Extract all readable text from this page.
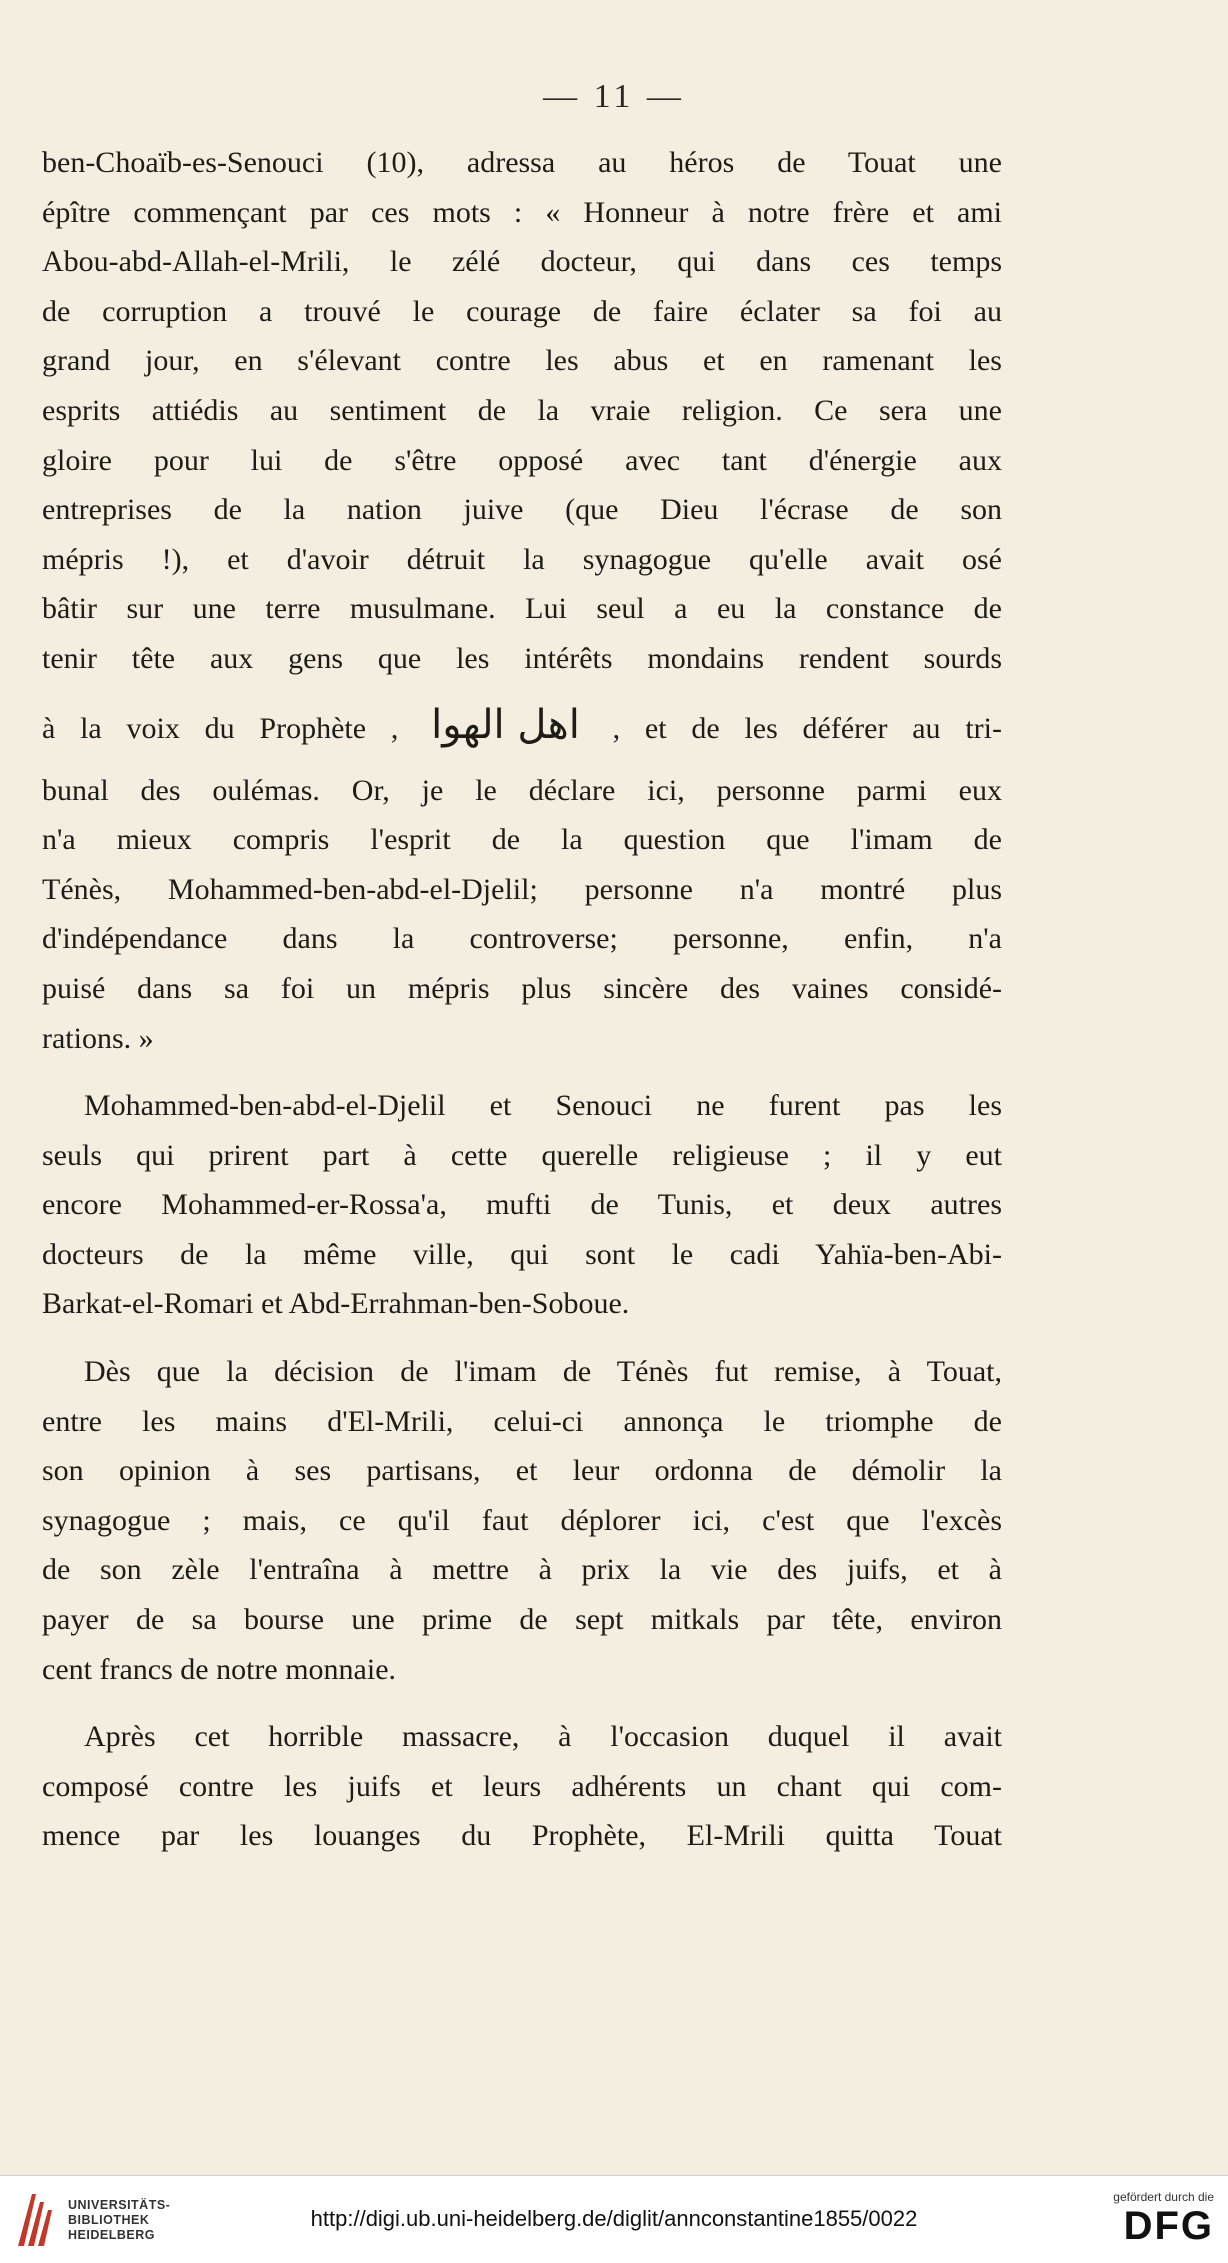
— 11 —
ben-Choaïb-es-Senouci (10), adressa au héros de Touat une
épître commençant par ces mots : « Honneur à notre frère et ami
Abou-abd-Allah-el-Mrili, le zélé docteur, qui dans ces temps
de corruption a trouvé le courage de faire éclater sa foi au
grand jour, en s'élevant contre les abus et en ramenant les
esprits attiédis au sentiment de la vraie religion. Ce sera une
gloire pour lui de s'être opposé avec tant d'énergie aux
entreprises de la nation juive (que Dieu l'écrase de son
mépris !), et d'avoir détruit la synagogue qu'elle avait osé
bâtir sur une terre musulmane. Lui seul a eu la constance de
tenir tête aux gens que les intérêts mondains rendent sourds
à la voix du Prophète , اهل الهوا , et de les déférer au tri-
bunal des oulémas. Or, je le déclare ici, personne parmi eux
n'a mieux compris l'esprit de la question que l'imam de
Ténès, Mohammed-ben-abd-el-Djelil; personne n'a montré plus
d'indépendance dans la controverse; personne, enfin, n'a
puisé dans sa foi un mépris plus sincère des vaines considé-
rations. »
Mohammed-ben-abd-el-Djelil et Senouci ne furent pas les
seuls qui prirent part à cette querelle religieuse ; il y eut
encore Mohammed-er-Rossa'a, mufti de Tunis, et deux autres
docteurs de la même ville, qui sont le cadi Yahïa-ben-Abi-
Barkat-el-Romari et Abd-Errahman-ben-Soboue.
Dès que la décision de l'imam de Ténès fut remise, à Touat,
entre les mains d'El-Mrili, celui-ci annonça le triomphe de
son opinion à ses partisans, et leur ordonna de démolir la
synagogue ; mais, ce qu'il faut déplorer ici, c'est que l'excès
de son zèle l'entraîna à mettre à prix la vie des juifs, et à
payer de sa bourse une prime de sept mitkals par tête, environ
cent francs de notre monnaie.
Après cet horrible massacre, à l'occasion duquel il avait
composé contre les juifs et leurs adhérents un chant qui com-
mence par les louanges du Prophète, El-Mrili quitta Touat
UNIVERSITÄTS-
BIBLIOTHEK
HEIDELBERG
http://digi.ub.uni-heidelberg.de/diglit/annconstantine1855/0022
gefördert durch die
DFG
